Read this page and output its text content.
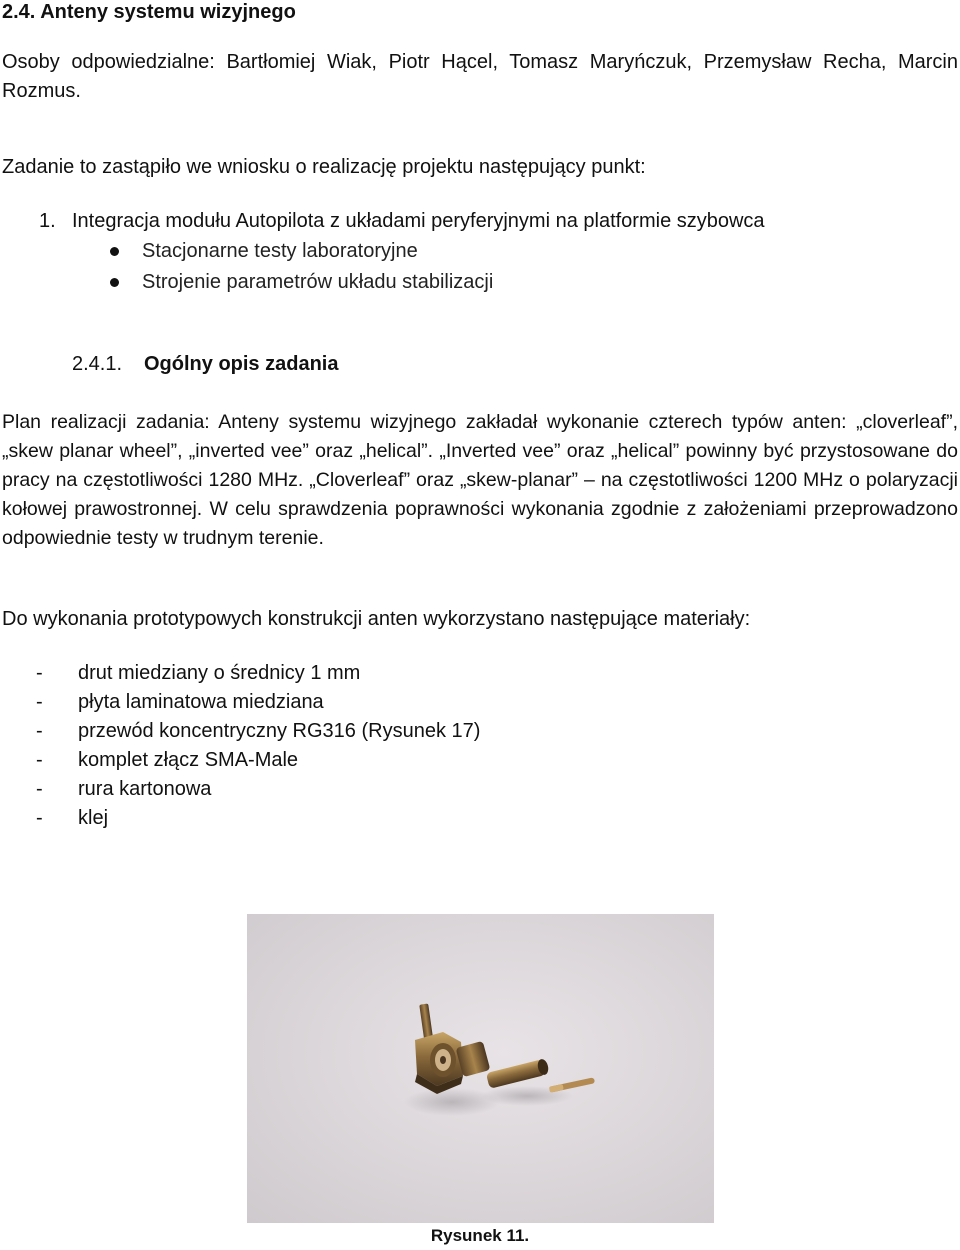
2.4. Anteny systemu wizyjnego
Osoby odpowiedzialne: Bartłomiej Wiak, Piotr Hącel, Tomasz Maryńczuk, Przemysław Recha, Marcin Rozmus.
Zadanie to zastąpiło we wniosku o realizację projektu następujący punkt:
1. Integracja modułu Autopilota z układami peryferyjnymi na platformie szybowca
Stacjonarne testy laboratoryjne
Strojenie parametrów układu stabilizacji
2.4.1. Ogólny opis zadania
Plan realizacji zadania: Anteny systemu wizyjnego zakładał wykonanie czterech typów anten: „cloverleaf”, „skew planar wheel”, „inverted vee” oraz „helical”. „Inverted vee” oraz „helical” powinny być przystosowane do pracy na częstotliwości 1280 MHz. „Cloverleaf” oraz „skew-planar” – na częstotliwości 1200 MHz o polaryzacji kołowej prawostronnej. W celu sprawdzenia poprawności wykonania zgodnie z założeniami przeprowadzono odpowiednie testy w trudnym terenie.
Do wykonania prototypowych konstrukcji anten wykorzystano następujące materiały:
- drut miedziany o średnicy 1 mm
- płyta laminatowa miedziana
- przewód koncentryczny RG316 (Rysunek 17)
- komplet złącz SMA-Male
- rura kartonowa
- klej
Rysunek 11.
